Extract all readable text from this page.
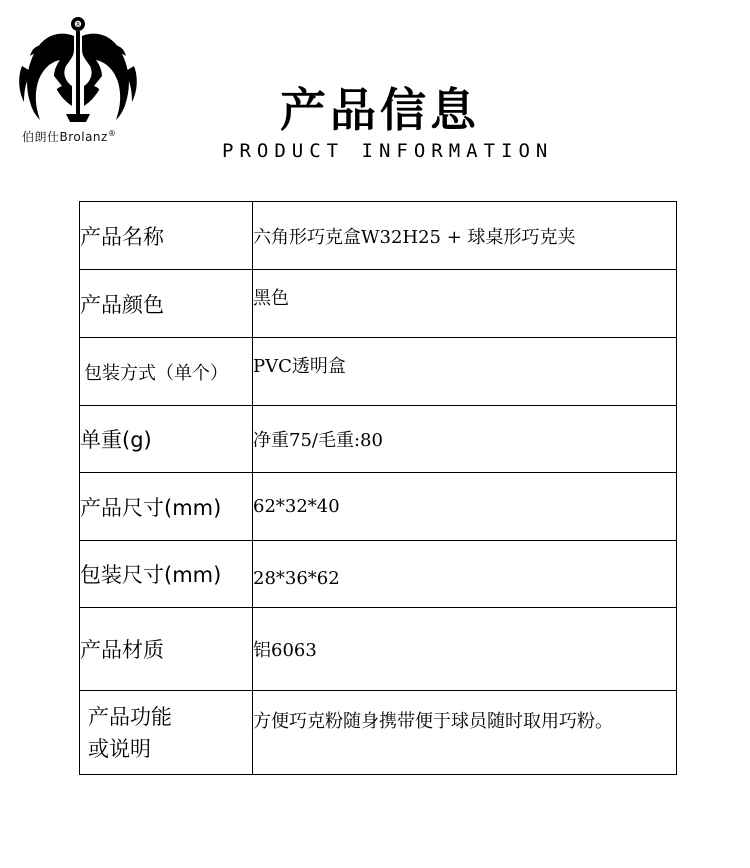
8
伯朗仕Brolanz®	产品信息
PRODUCT INFORMATION
产品名称	六角形巧克盒W32H25 + 球桌形巧克夹
产品颜色	黑色
包装方式（单个）	PVC透明盒
单重(g)	净重75/毛重:80
产品尺寸(mm)	62*32*40
包装尺寸(mm)	28*36*62
产品材质	铝6063

产品功能
或说明	方便巧克粉随身携带便于球员随时取用巧粉。
